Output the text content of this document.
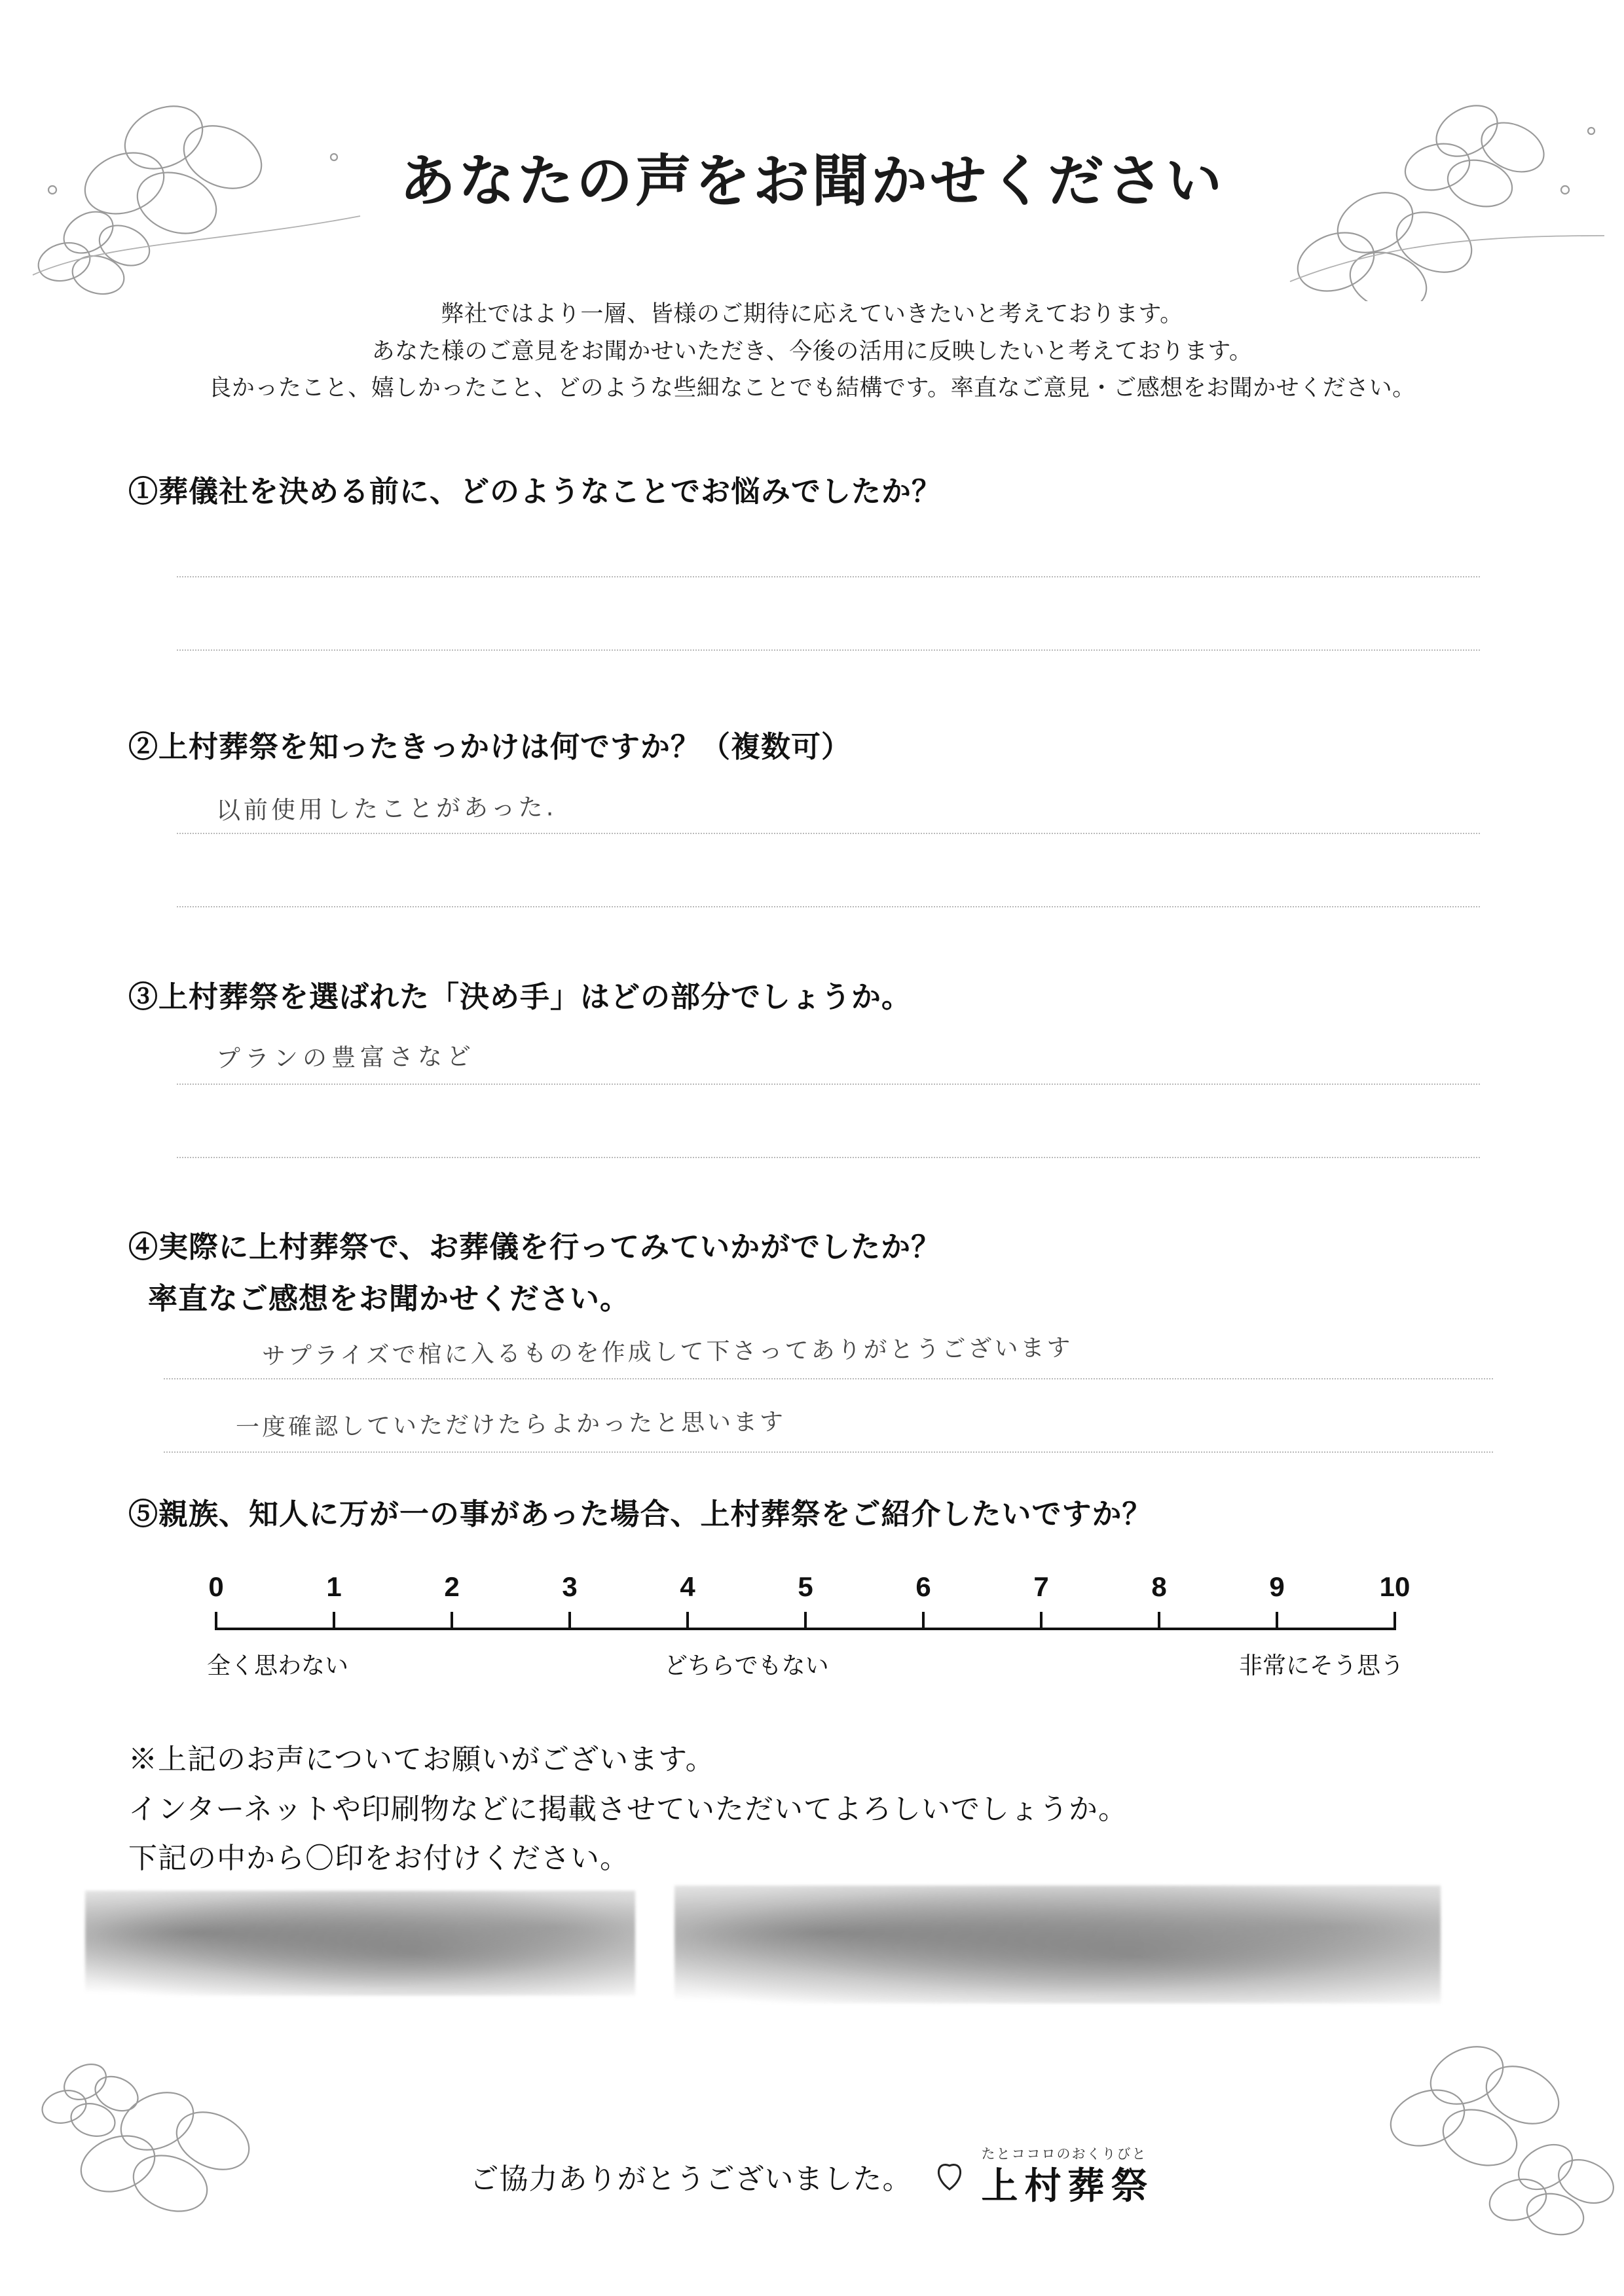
あなたの声をお聞かせください
弊社ではより一層、皆様のご期待に応えていきたいと考えております。
あなた様のご意見をお聞かせいただき、今後の活用に反映したいと考えております。
良かったこと、嬉しかったこと、どのような些細なことでも結構です。率直なご意見・ご感想をお聞かせください。
①葬儀社を決める前に、どのようなことでお悩みでしたか？
②上村葬祭を知ったきっかけは何ですか？（複数可）
以前使用したことがあった.
③上村葬祭を選ばれた「決め手」はどの部分でしょうか。
プランの豊富さなど
④実際に上村葬祭で、お葬儀を行ってみていかがでしたか？
率直なご感想をお聞かせください。
サプライズで棺に入るものを作成して下さってありがとうございます
一度確認していただけたらよかったと思います
⑤親族、知人に万が一の事があった場合、上村葬祭をご紹介したいですか？
0	1	2	3	4	5	6	7	8	9	10
全く思わない	どちらでもない	非常にそう思う
※上記のお声についてお願いがございます。
インターネットや印刷物などに掲載させていただいてよろしいでしょうか。
下記の中から〇印をお付けください。
ご協力ありがとうございました。
たとココロのおくりびと
上村葬祭
